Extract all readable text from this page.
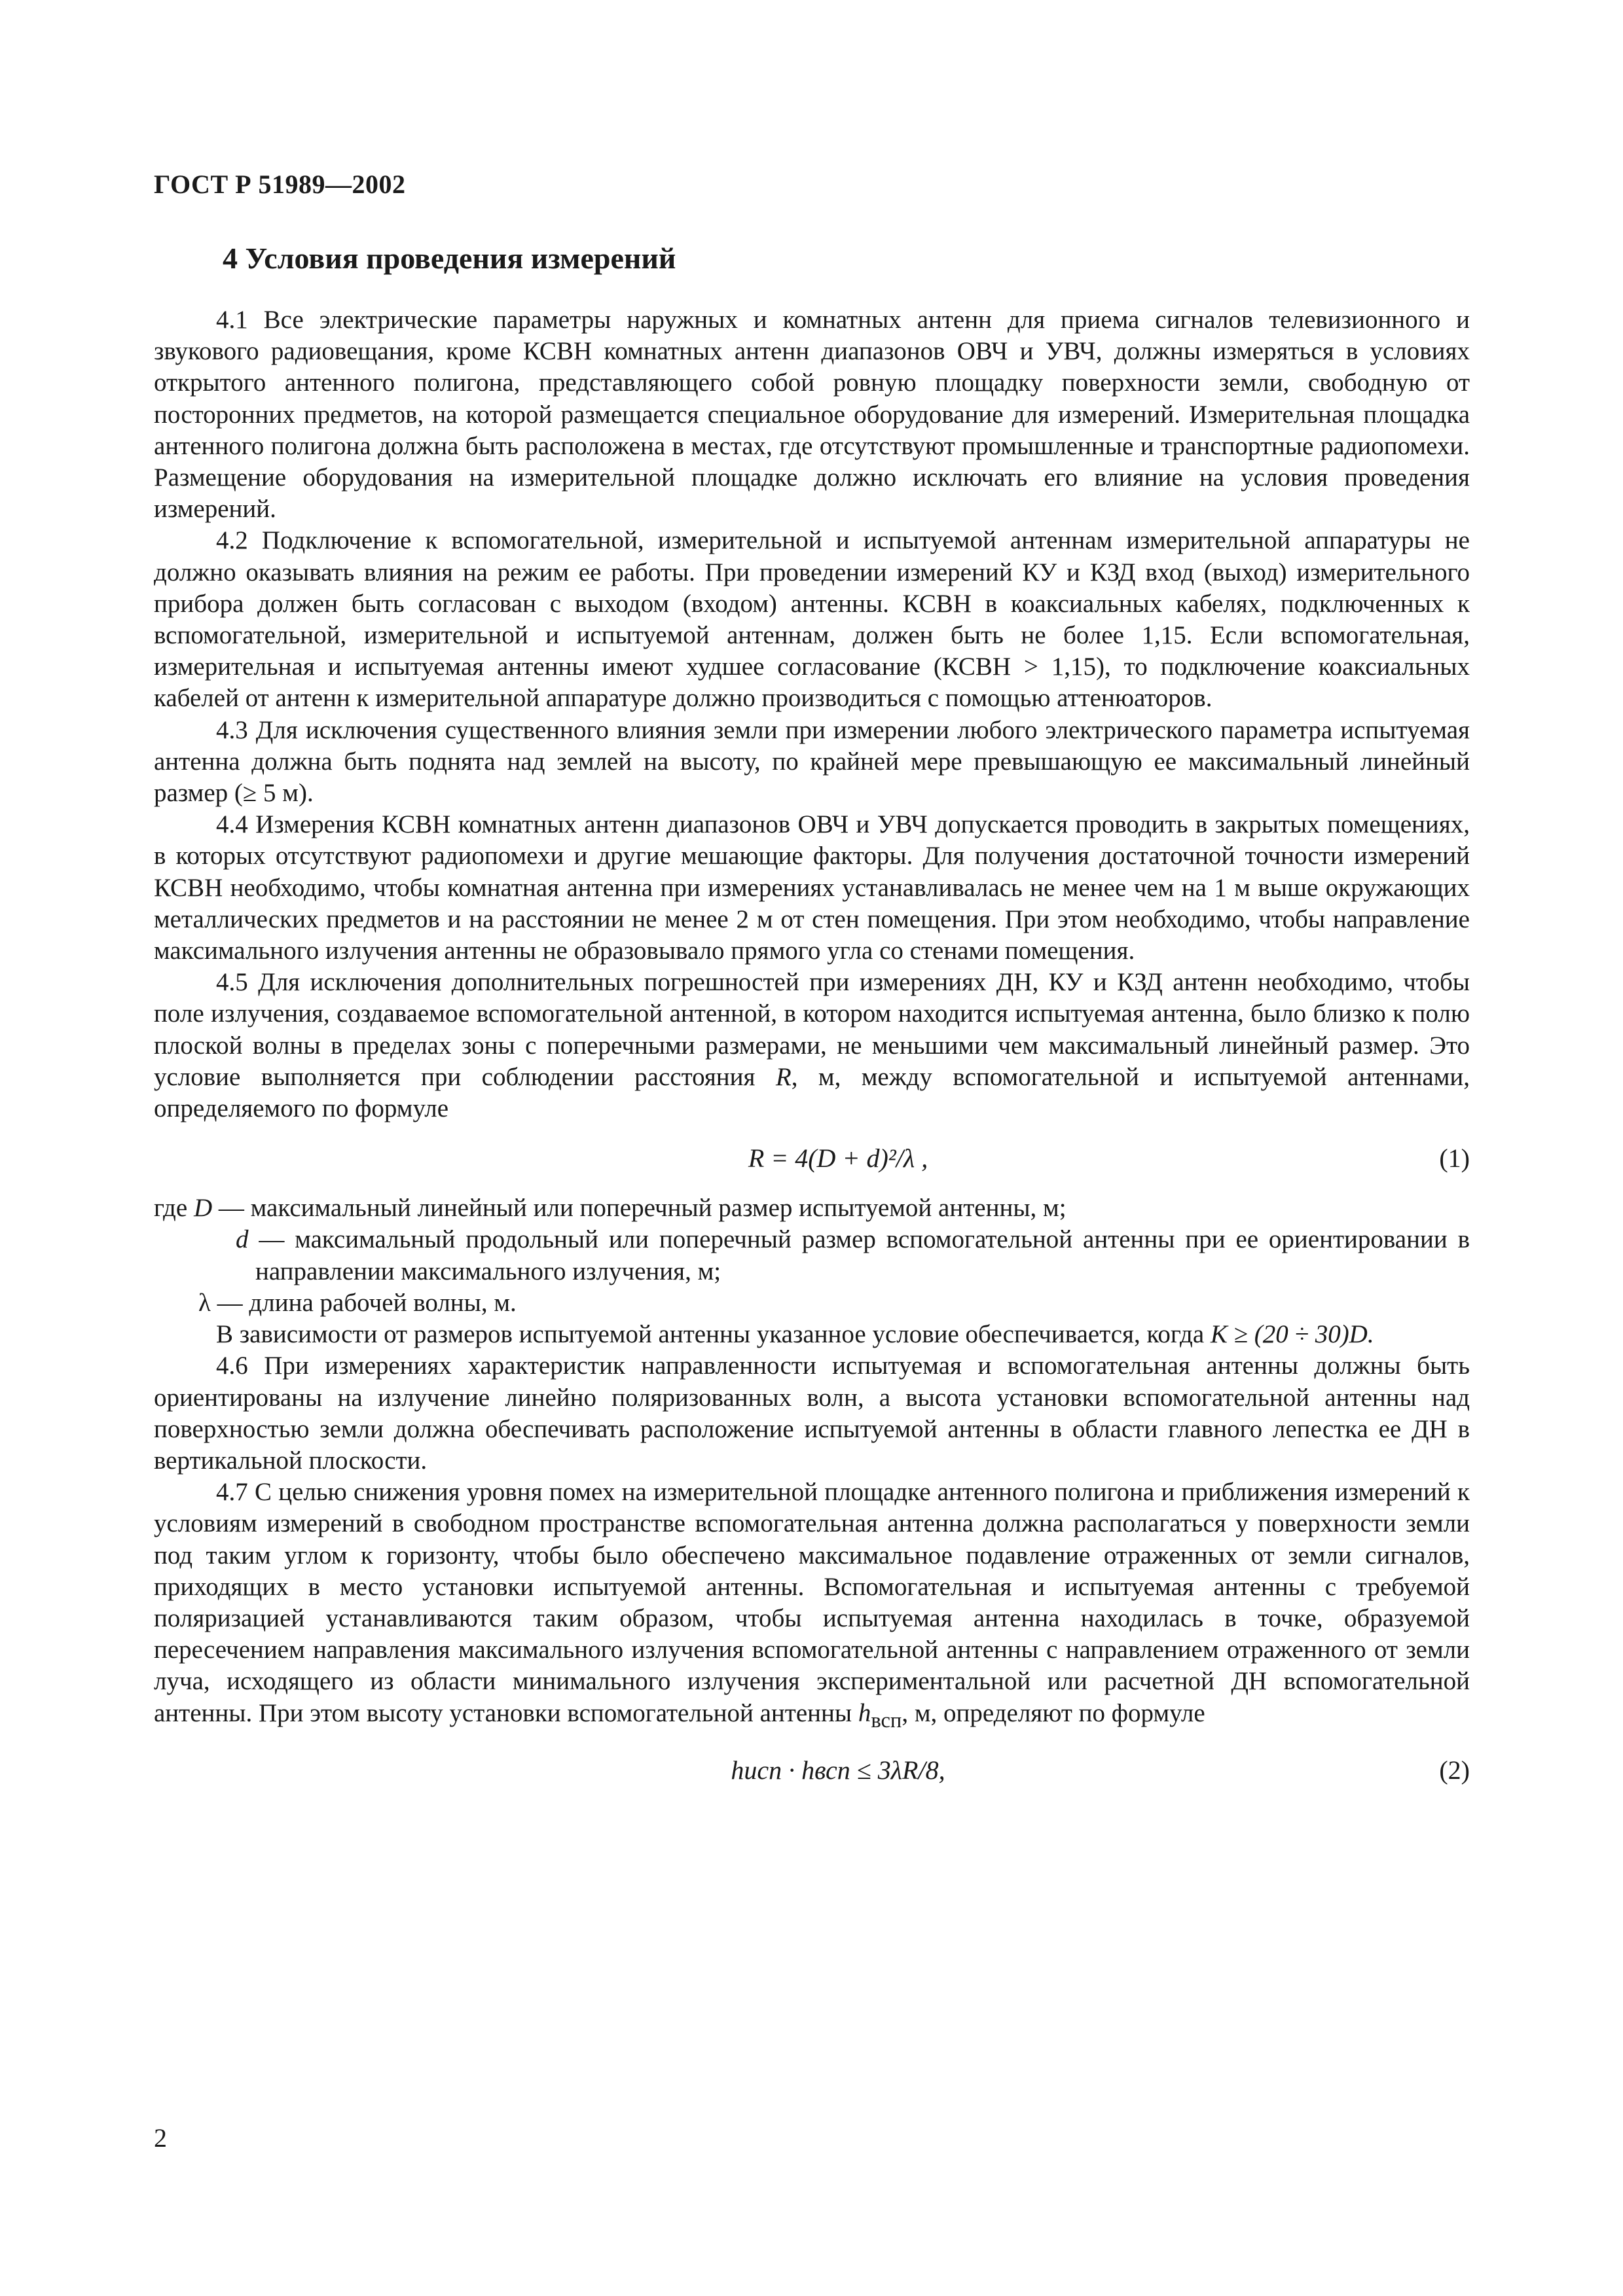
ГОСТ Р 51989—2002
4 Условия проведения измерений

4.1 Все электрические параметры наружных и комнатных антенн для приема сигналов телевизионного и звукового радиовещания, кроме КСВН комнатных антенн диапазонов ОВЧ и УВЧ, должны измеряться в условиях открытого антенного полигона, представляющего собой ровную площадку поверхности земли, свободную от посторонних предметов, на которой размещается специальное оборудование для измерений. Измерительная площадка антенного полигона должна быть расположена в местах, где отсутствуют промышленные и транспортные радиопомехи. Размещение оборудования на измерительной площадке должно исключать его влияние на условия проведения измерений.

4.2 Подключение к вспомогательной, измерительной и испытуемой антеннам измерительной аппаратуры не должно оказывать влияния на режим ее работы. При проведении измерений КУ и КЗД вход (выход) измерительного прибора должен быть согласован с выходом (входом) антенны. КСВН в коаксиальных кабелях, подключенных к вспомогательной, измерительной и испытуемой антеннам, должен быть не более 1,15. Если вспомогательная, измерительная и испытуемая антенны имеют худшее согласование (КСВН > 1,15), то подключение коаксиальных кабелей от антенн к измерительной аппаратуре должно производиться с помощью аттенюаторов.

4.3 Для исключения существенного влияния земли при измерении любого электрического параметра испытуемая антенна должна быть поднята над землей на высоту, по крайней мере превышающую ее максимальный линейный размер (≥ 5 м).

4.4 Измерения КСВН комнатных антенн диапазонов ОВЧ и УВЧ допускается проводить в закрытых помещениях, в которых отсутствуют радиопомехи и другие мешающие факторы. Для получения достаточной точности измерений КСВН необходимо, чтобы комнатная антенна при измерениях устанавливалась не менее чем на 1 м выше окружающих металлических предметов и на расстоянии не менее 2 м от стен помещения. При этом необходимо, чтобы направление максимального излучения антенны не образовывало прямого угла со стенами помещения.

4.5 Для исключения дополнительных погрешностей при измерениях ДН, КУ и КЗД антенн необходимо, чтобы поле излучения, создаваемое вспомогательной антенной, в котором находится испытуемая антенна, было близко к полю плоской волны в пределах зоны с поперечными размерами, не меньшими чем максимальный линейный размер. Это условие выполняется при соблюдении расстояния R, м, между вспомогательной и испытуемой антеннами, определяемого по формуле

R = 4(D + d)²/λ ,	(1)

где D — максимальный линейный или поперечный размер испытуемой антенны, м;

d — максимальный продольный или поперечный размер вспомогательной антенны при ее ориентировании в направлении максимального излучения, м;

λ — длина рабочей волны, м.

В зависимости от размеров испытуемой антенны указанное условие обеспечивается, когда K ≥ (20 ÷ 30)D.

4.6 При измерениях характеристик направленности испытуемая и вспомогательная антенны должны быть ориентированы на излучение линейно поляризованных волн, а высота установки вспомогательной антенны над поверхностью земли должна обеспечивать расположение испытуемой антенны в области главного лепестка ее ДН в вертикальной плоскости.

4.7 С целью снижения уровня помех на измерительной площадке антенного полигона и приближения измерений к условиям измерений в свободном пространстве вспомогательная антенна должна располагаться у поверхности земли под таким углом к горизонту, чтобы было обеспечено максимальное подавление отраженных от земли сигналов, приходящих в место установки испытуемой антенны. Вспомогательная и испытуемая антенны с требуемой поляризацией устанавливаются таким образом, чтобы испытуемая антенна находилась в точке, образуемой пересечением направления максимального излучения вспомогательной антенны с направлением отраженного от земли луча, исходящего из области минимального излучения экспериментальной или расчетной ДН вспомогательной антенны. При этом высоту установки вспомогательной антенны $h_{всп}$, м, определяют по формуле

hисп · hвсп ≤ 3λR/8,	(2)
2
